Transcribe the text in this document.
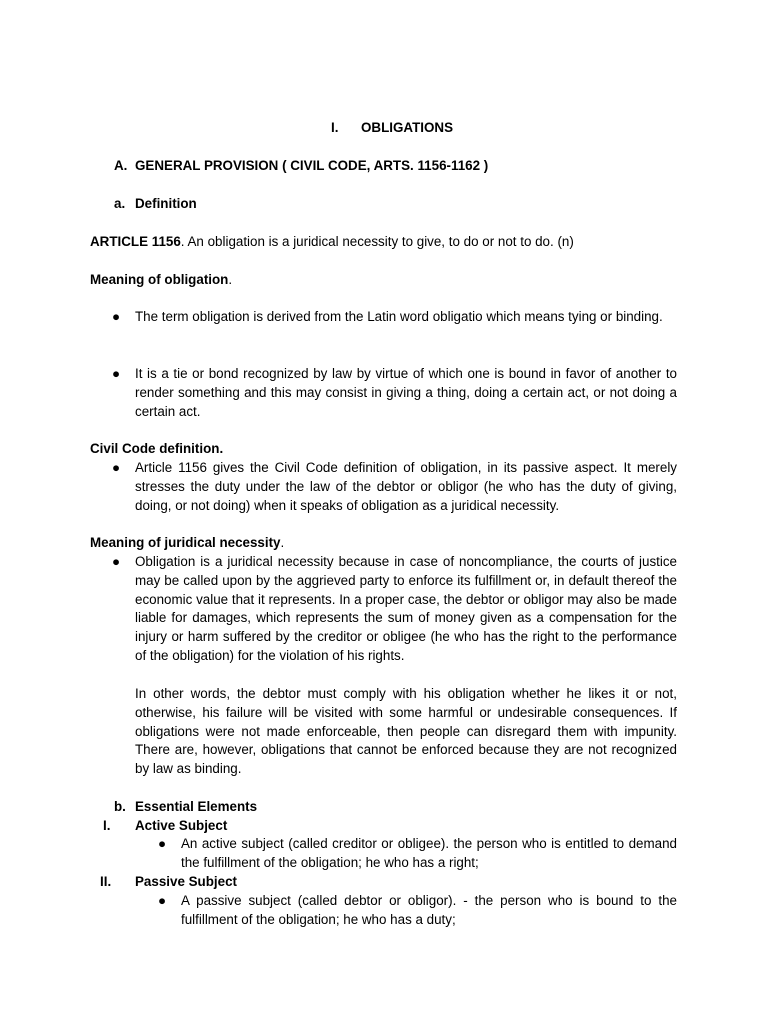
I. OBLIGATIONS
A. GENERAL PROVISION ( CIVIL CODE, ARTS. 1156-1162 )
a. Definition
ARTICLE 1156. An obligation is a juridical necessity to give, to do or not to do. (n)
Meaning of obligation.
● The term obligation is derived from the Latin word obligatio which means tying or binding.
● It is a tie or bond recognized by law by virtue of which one is bound in favor of another to render something and this may consist in giving a thing, doing a certain act, or not doing a certain act.
Civil Code definition.
● Article 1156 gives the Civil Code definition of obligation, in its passive aspect. It merely stresses the duty under the law of the debtor or obligor (he who has the duty of giving, doing, or not doing) when it speaks of obligation as a juridical necessity.
Meaning of juridical necessity.
● Obligation is a juridical necessity because in case of noncompliance, the courts of justice may be called upon by the aggrieved party to enforce its fulfillment or, in default thereof the economic value that it represents. In a proper case, the debtor or obligor may also be made liable for damages, which represents the sum of money given as a compensation for the injury or harm suffered by the creditor or obligee (he who has the right to the performance of the obligation) for the violation of his rights.
In other words, the debtor must comply with his obligation whether he likes it or not, otherwise, his failure will be visited with some harmful or undesirable consequences. If obligations were not made enforceable, then people can disregard them with impunity. There are, however, obligations that cannot be enforced because they are not recognized by law as binding.
b. Essential Elements
I. Active Subject
● An active subject (called creditor or obligee). the person who is entitled to demand the fulfillment of the obligation; he who has a right;
II. Passive Subject
● A passive subject (called debtor or obligor). - the person who is bound to the fulfillment of the obligation; he who has a duty;
